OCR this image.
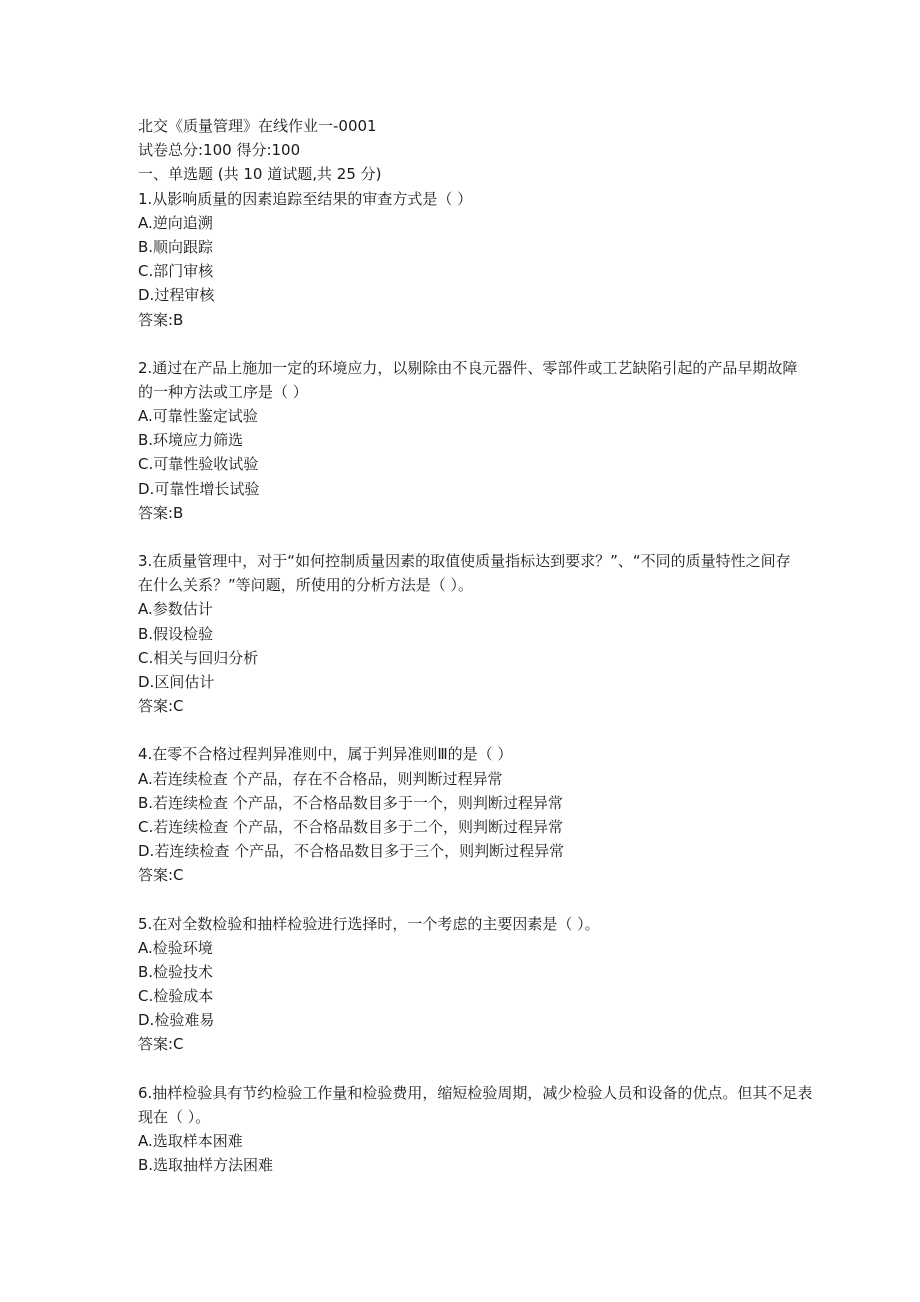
北交《质量管理》在线作业一-0001
试卷总分:100 得分:100
一、单选题 (共 10 道试题,共 25 分)
1.从影响质量的因素追踪至结果的审查方式是（ ）
A.逆向追溯
B.顺向跟踪
C.部门审核
D.过程审核
答案:B
2.通过在产品上施加一定的环境应力，以剔除由不良元器件、零部件或工艺缺陷引起的产品早期故障的一种方法或工序是（ ）
A.可靠性鉴定试验
B.环境应力筛选
C.可靠性验收试验
D.可靠性增长试验
答案:B
3.在质量管理中，对于“如何控制质量因素的取值使质量指标达到要求？”、“不同的质量特性之间存在什么关系？”等问题，所使用的分析方法是（ ）。
A.参数估计
B.假设检验
C.相关与回归分析
D.区间估计
答案:C
4.在零不合格过程判异准则中，属于判异准则Ⅲ的是（ ）
A.若连续检查 个产品，存在不合格品，则判断过程异常
B.若连续检查 个产品，不合格品数目多于一个，则判断过程异常
C.若连续检查 个产品，不合格品数目多于二个，则判断过程异常
D.若连续检查 个产品，不合格品数目多于三个，则判断过程异常
答案:C
5.在对全数检验和抽样检验进行选择时，一个考虑的主要因素是（ ）。
A.检验环境
B.检验技术
C.检验成本
D.检验难易
答案:C
6.抽样检验具有节约检验工作量和检验费用，缩短检验周期，减少检验人员和设备的优点。但其不足表现在（ ）。
A.选取样本困难
B.选取抽样方法困难
